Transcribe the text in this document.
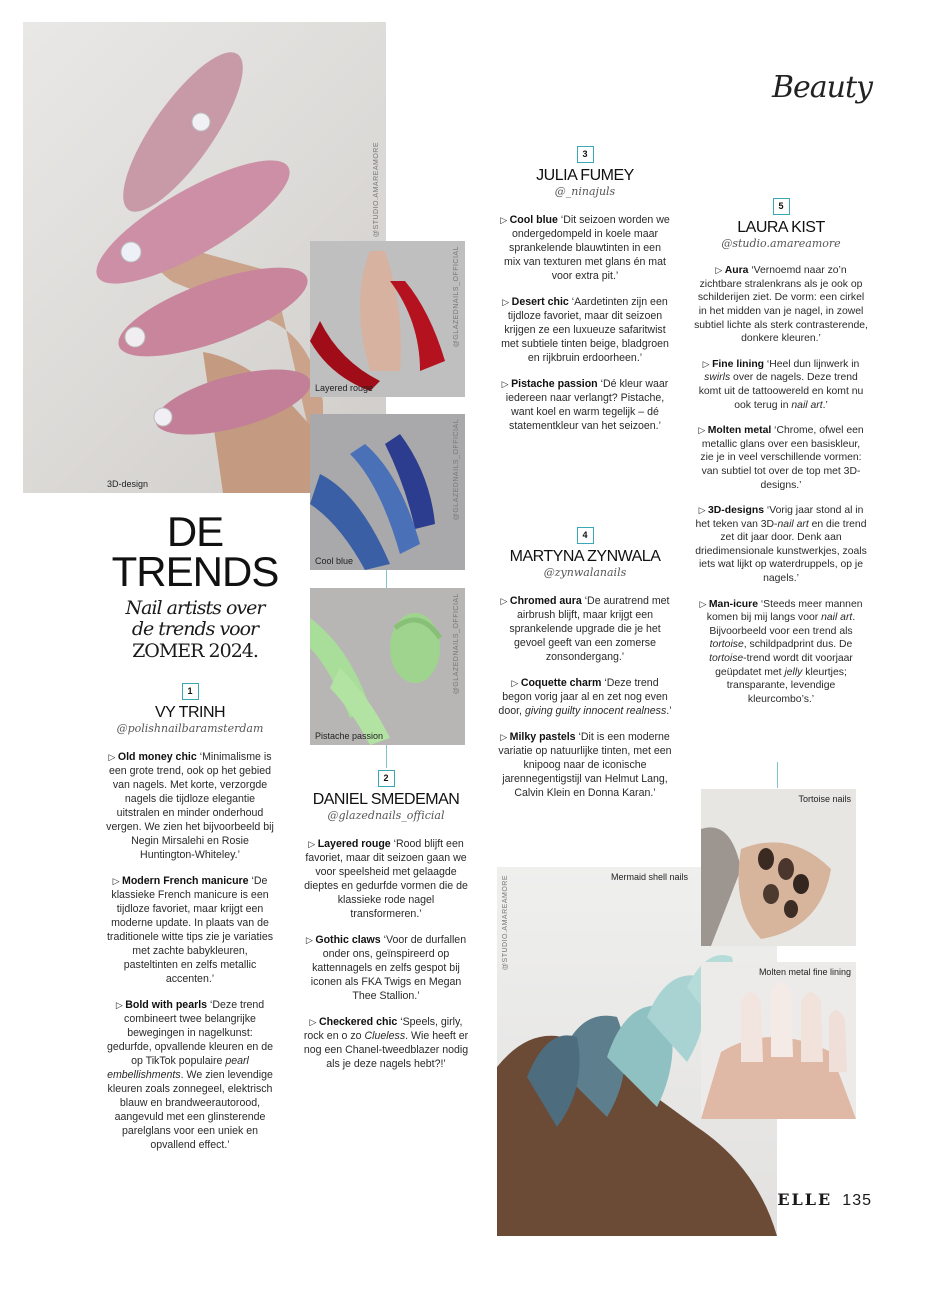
Beauty
3D-design
@STUDIO.AMAREAMORE
Layered rouge
@GLAZEDNAILS_OFFICIAL
Cool blue
@GLAZEDNAILS_OFFICIAL
Pistache passion
@GLAZEDNAILS_OFFICIAL
DE
TRENDS
Nail artists over
de trends voor
ZOMER 2024.
1
VY TRINH
@polishnailbaramsterdam

▷ Old money chic ‘Minimalisme is een grote trend, ook op het gebied van nagels. Met korte, verzorgde nagels die tijdloze elegantie uitstralen en minder onderhoud vergen. We zien het bijvoorbeeld bij Negin Mirsalehi en Rosie Huntington-Whiteley.’

▷ Modern French manicure ‘De klassieke French manicure is een tijdloze favoriet, maar krijgt een moderne update. In plaats van de traditionele witte tips zie je variaties met zachte babykleuren, pasteltinten en zelfs metallic accenten.’

▷ Bold with pearls ‘Deze trend combineert twee belangrijke bewegingen in nagelkunst: gedurfde, opvallende kleuren en de op TikTok populaire pearl embellishments. We zien levendige kleuren zoals zonnegeel, elektrisch blauw en brandweerautorood, aangevuld met een glinsterende parelglans voor een uniek en opvallend effect.’

2
DANIEL SMEDEMAN
@glazednails_official

▷ Layered rouge ‘Rood blijft een favoriet, maar dit seizoen gaan we voor speelsheid met gelaagde dieptes en gedurfde vormen die de klassieke rode nagel transformeren.’

▷ Gothic claws ‘Voor de durfallen onder ons, geïnspireerd op kattennagels en zelfs gespot bij iconen als FKA Twigs en Megan Thee Stallion.’

▷ Checkered chic ‘Speels, girly, rock en o zo Clueless. Wie heeft er nog een Chanel-tweedblazer nodig als je deze nagels hebt?!’

3
JULIA FUMEY
@_ninajuls

▷ Cool blue ‘Dit seizoen worden we ondergedompeld in koele maar sprankelende blauwtinten in een mix van texturen met glans én mat voor extra pit.’

▷ Desert chic ‘Aardetinten zijn een tijdloze favoriet, maar dit seizoen krijgen ze een luxueuze safaritwist met subtiele tinten beige, bladgroen en rijkbruin erdoorheen.’

▷ Pistache passion ‘Dé kleur waar iedereen naar verlangt? Pistache, want koel en warm tegelijk – dé statementkleur van het seizoen.’

4
MARTYNA ZYNWALA
@zynwalanails

▷ Chromed aura ‘De auratrend met airbrush blijft, maar krijgt een sprankelende upgrade die je het gevoel geeft van een zomerse zonsondergang.’

▷ Coquette charm ‘Deze trend begon vorig jaar al en zet nog even door, giving guilty innocent realness.’

▷ Milky pastels ‘Dit is een moderne variatie op natuurlijke tinten, met een knipoog naar de iconische jarennegentigstijl van Helmut Lang, Calvin Klein en Donna Karan.’

5
LAURA KIST
@studio.amareamore

▷ Aura ‘Vernoemd naar zo’n zichtbare stralenkrans als je ook op schilderijen ziet. De vorm: een cirkel in het midden van je nagel, in zowel subtiel lichte als sterk contrasterende, donkere kleuren.’

▷ Fine lining ‘Heel dun lijnwerk in swirls over de nagels. Deze trend komt uit de tattoowereld en komt nu ook terug in nail art.’

▷ Molten metal ‘Chrome, ofwel een metallic glans over een basiskleur, zie je in veel verschillende vormen: van subtiel tot over de top met 3D-designs.’

▷ 3D-designs ‘Vorig jaar stond al in het teken van 3D-nail art en die trend zet dit jaar door. Denk aan driedimensionale kunstwerkjes, zoals iets wat lijkt op waterdruppels, op je nagels.’

▷ Man-icure ‘Steeds meer mannen komen bij mij langs voor nail art. Bijvoorbeeld voor een trend als tortoise, schildpadprint dus. De tortoise-trend wordt dit voorjaar geüpdatet met jelly kleurtjes; transparante, levendige kleurcombo’s.’

Mermaid shell nails
@STUDIO.AMAREAMORE
Tortoise nails
Molten metal fine lining
ELLE 135
